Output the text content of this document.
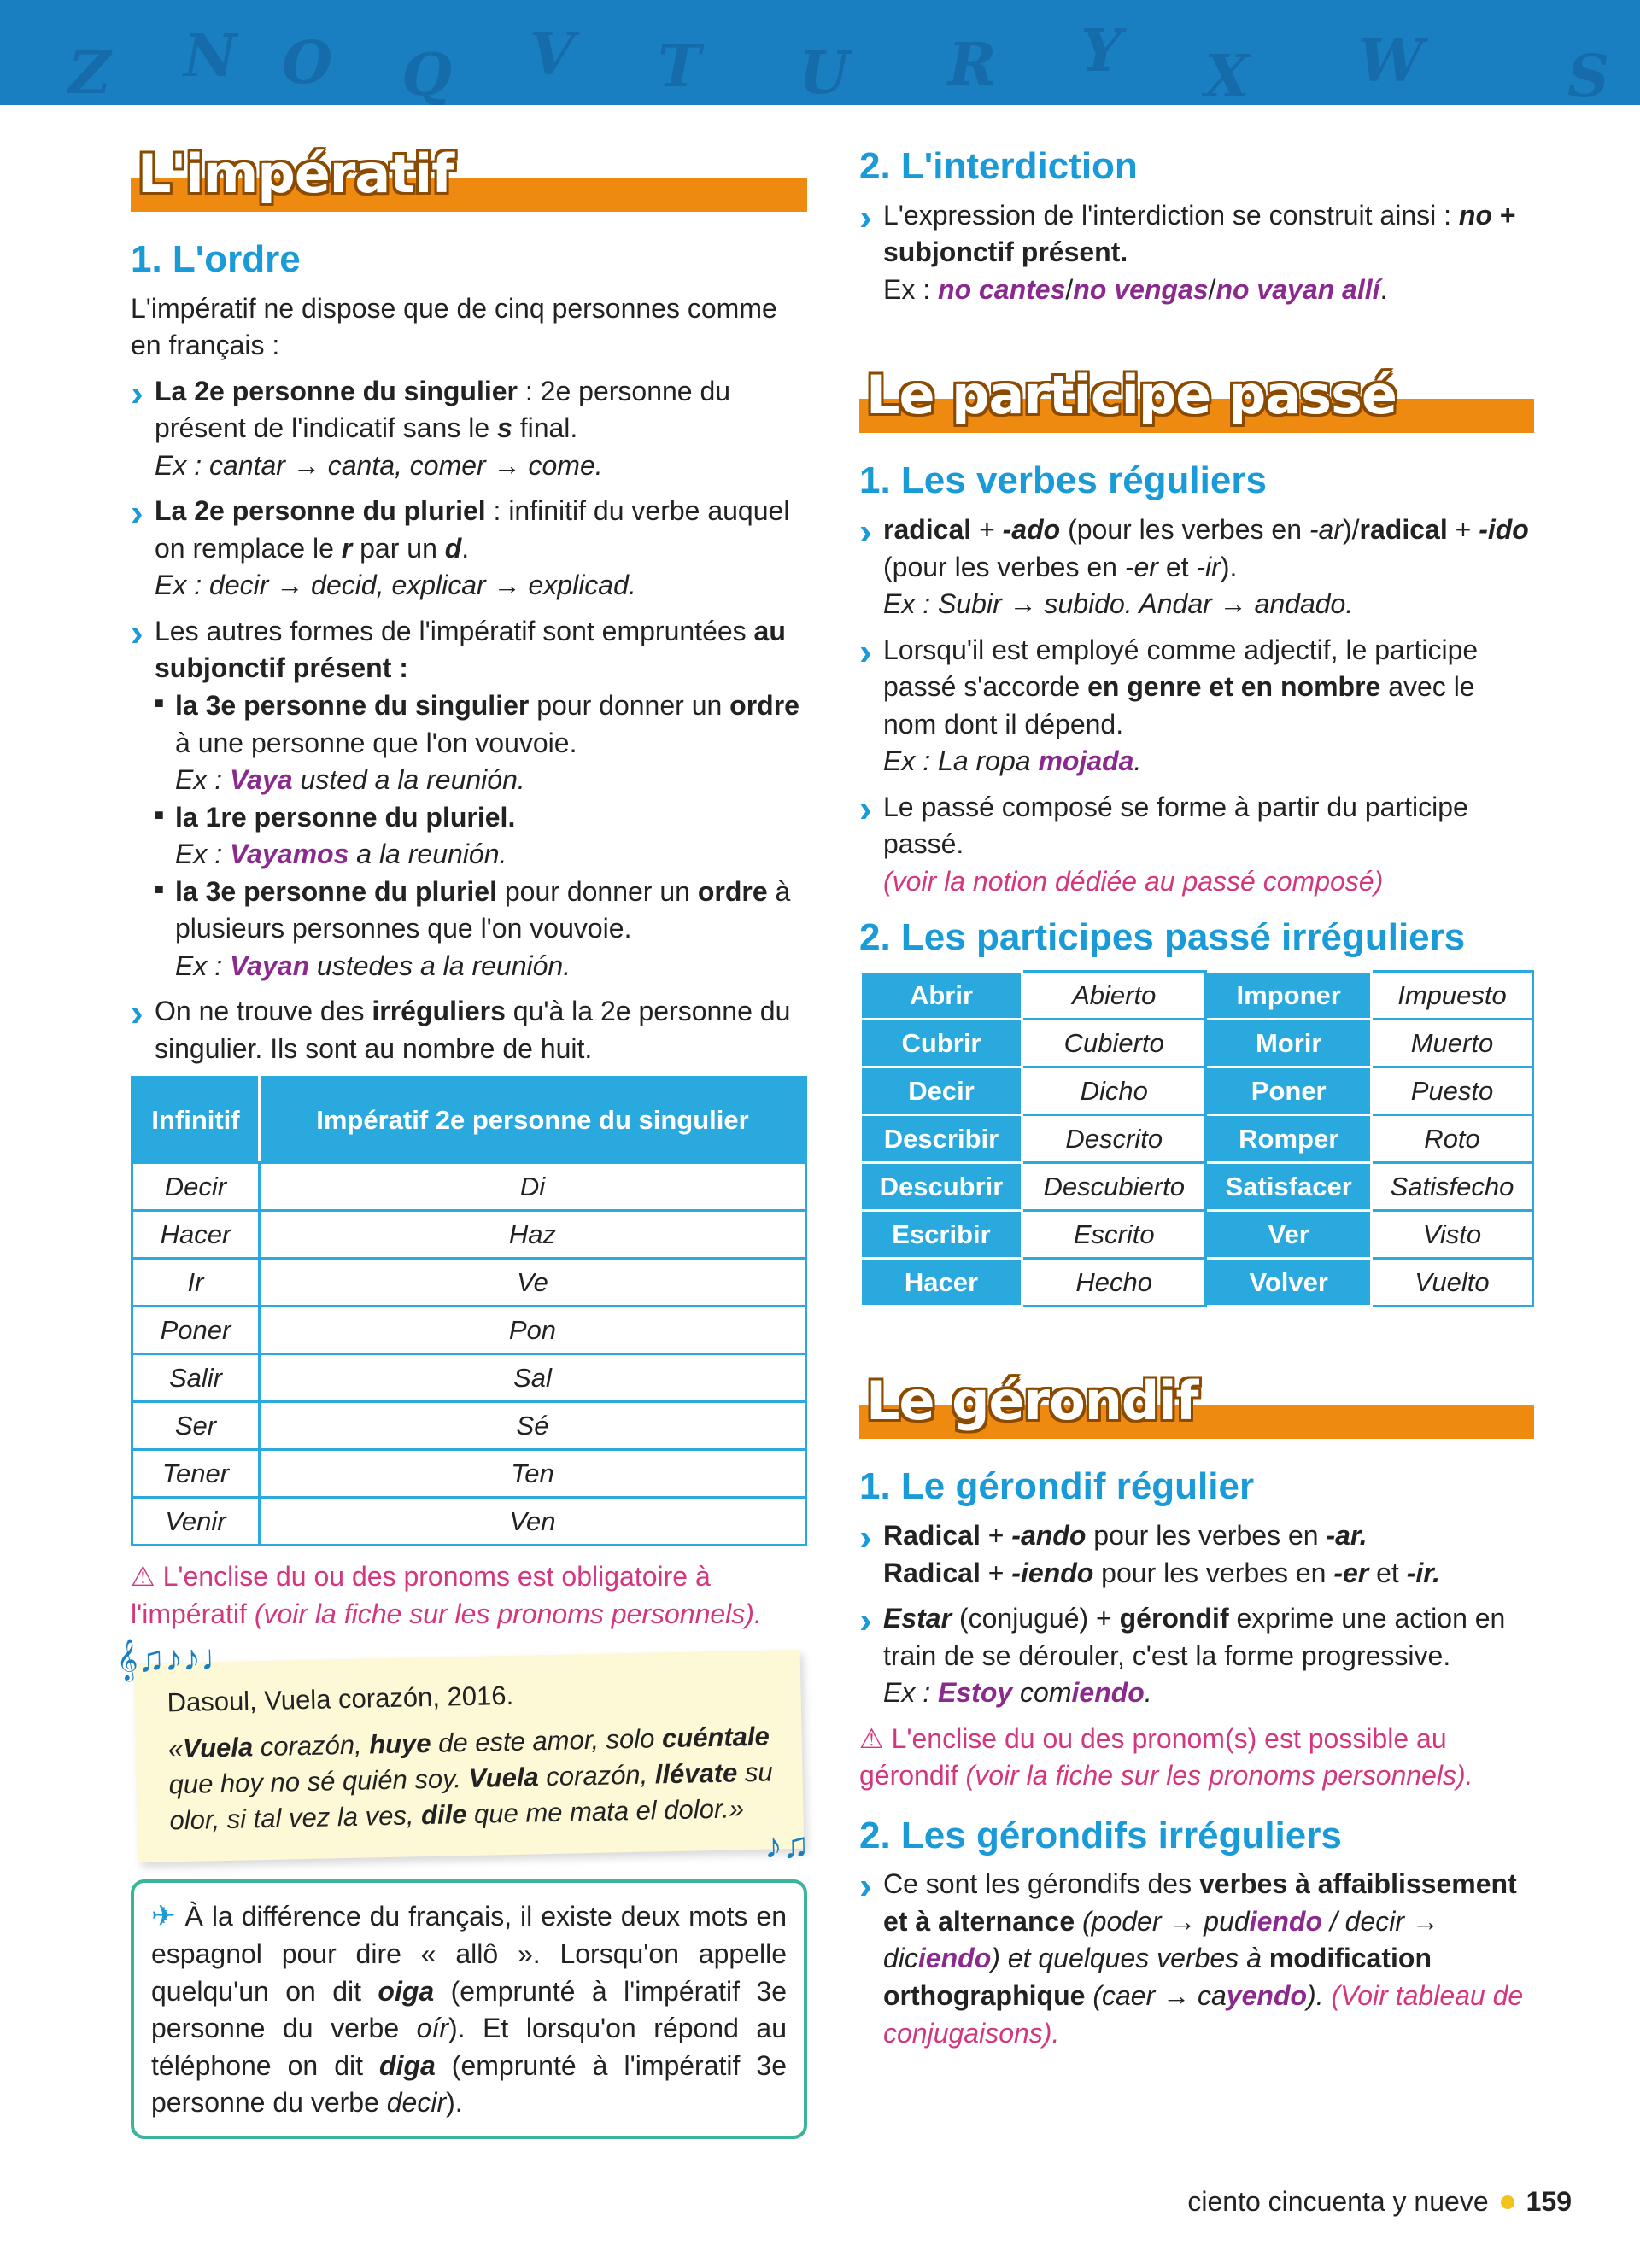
Z N O Q V T U R Y X W S
L'impératif
1. L'ordre

L'impératif ne dispose que de cinq personnes comme en français :

› La 2e personne du singulier : 2e personne du présent de l'indicatif sans le s final.
Ex : cantar → canta, comer → come.
› La 2e personne du pluriel : infinitif du verbe auquel on remplace le r par un d.
Ex : decir → decid, explicar → explicad.
› Les autres formes de l'impératif sont empruntées au subjonctif présent :
■ la 3e personne du singulier pour donner un ordre à une personne que l'on vouvoie.
Ex : Vaya usted a la reunión.
■ la 1re personne du pluriel.
Ex : Vayamos a la reunión.
■ la 3e personne du pluriel pour donner un ordre à plusieurs personnes que l'on vouvoie.
Ex : Vayan ustedes a la reunión.
› On ne trouve des irréguliers qu'à la 2e personne du singulier. Ils sont au nombre de huit.
Infinitif	Impératif 2e personne du singulier
Decir	Di
Hacer	Haz
Ir	Ve
Poner	Pon
Salir	Sal
Ser	Sé
Tener	Ten
Venir	Ven

⚠ L'enclise du ou des pronoms est obligatoire à l'impératif (voir la fiche sur les pronoms personnels).

𝄞♫♪♪♩
♪♫
Dasoul, Vuela corazón, 2016.
«Vuela corazón, huye de este amor, solo cuéntale que hoy no sé quién soy. Vuela corazón, llévate su olor, si tal vez la ves, dile que me mata el dolor.»
✈ À la différence du français, il existe deux mots en espagnol pour dire « allô ». Lorsqu'on appelle quelqu'un on dit oiga (emprunté à l'impératif 3e personne du verbe oír). Et lorsqu'on répond au téléphone on dit diga (emprunté à l'impératif 3e personne du verbe decir).
2. L'interdiction
› L'expression de l'interdiction se construit ainsi : no + subjonctif présent.
Ex : no cantes/no vengas/no vayan allí.
Le participe passé
1. Les verbes réguliers
› radical + -ado (pour les verbes en -ar)/radical + -ido (pour les verbes en -er et -ir).
Ex : Subir → subido. Andar → andado.
› Lorsqu'il est employé comme adjectif, le participe passé s'accorde en genre et en nombre avec le nom dont il dépend.
Ex : La ropa mojada.
› Le passé composé se forme à partir du participe passé.
(voir la notion dédiée au passé composé)
2. Les participes passé irréguliers
Abrir	Abierto	Imponer	Impuesto
Cubrir	Cubierto	Morir	Muerto
Decir	Dicho	Poner	Puesto
Describir	Descrito	Romper	Roto
Descubrir	Descubierto	Satisfacer	Satisfecho
Escribir	Escrito	Ver	Visto
Hacer	Hecho	Volver	Vuelto
Le gérondif
1. Le gérondif régulier
› Radical + -ando pour les verbes en -ar.
Radical + -iendo pour les verbes en -er et -ir.
› Estar (conjugué) + gérondif exprime une action en train de se dérouler, c'est la forme progressive.
Ex : Estoy comiendo.

⚠ L'enclise du ou des pronom(s) est possible au gérondif (voir la fiche sur les pronoms personnels).

2. Les gérondifs irréguliers
› Ce sont les gérondifs des verbes à affaiblissement et à alternance (poder → pudiendo / decir → diciendo) et quelques verbes à modification orthographique (caer → cayendo). (Voir tableau de conjugaisons).
ciento cincuenta y nueve 159
